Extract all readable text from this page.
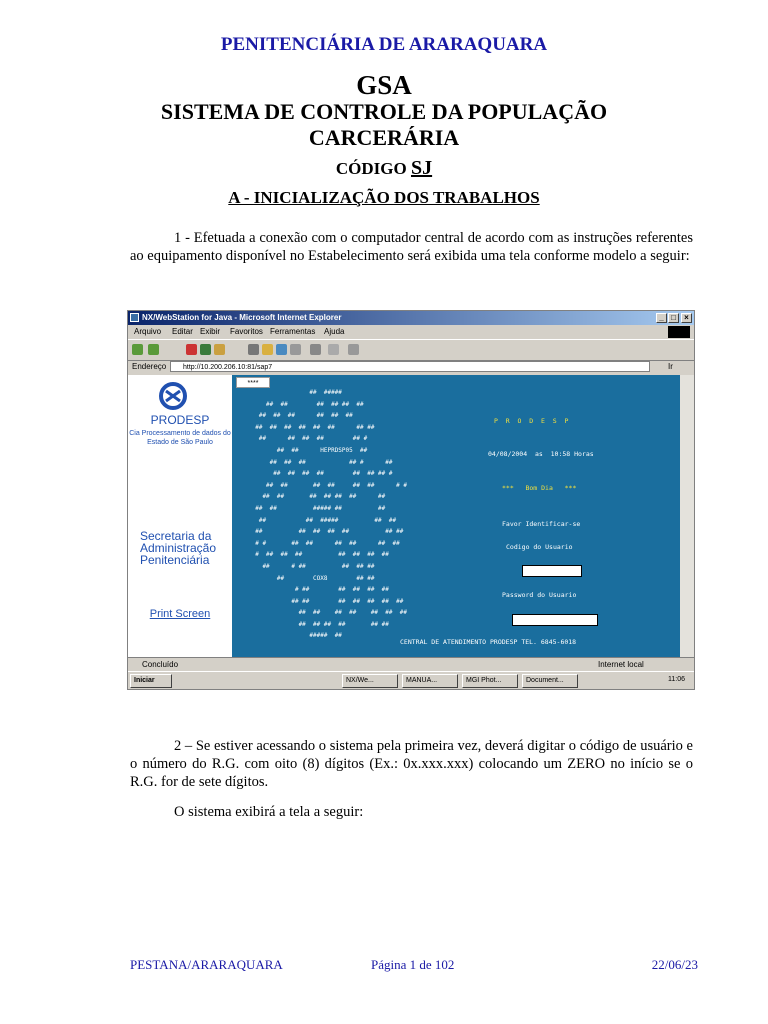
PENITENCIÁRIA DE ARARAQUARA
GSA
SISTEMA DE CONTROLE DA POPULAÇÃO
CARCERÁRIA
CÓDIGO SJ
A - INICIALIZAÇÃO DOS TRABALHOS
1 - Efetuada a conexão com o computador central de acordo com as instruções referentes ao equipamento disponível no Estabelecimento será exibida uma tela conforme modelo a seguir:
NX/WebStation for Java - Microsoft Internet Explorer	_ □	×
Arquivo Editar Exibir Favoritos Ferramentas Ajuda
Endereço	http://10.200.206.10:81/sap7	Ir
PRODESP
Cia Processamento de dados do Estado de São Paulo
Secretaria da Administração Penitenciária
Print Screen
****
##  #####
##  ##        ##  ## ##  ##
##  ##  ##      ##  ##  ##
##  ##  ##  ##  ##  ##      ## ##
##      ##  ##  ##        ## #
##  ##      HEPRDSP05  ##
##  ##  ##            ## #      ##
##  ##  ##  ##        ##  ## ## #
##  ##       ##  ##     ##  ##      # #
##  ##       ##  ## ##  ##      ##
##  ##          ##### ##          ##
##           ##  #####          ##  ##
##          ##  ##  ##  ##          ## ##
# #       ##  ##      ##  ##      ##  ##
#  ##  ##  ##          ##  ##  ##  ##
##      # ##          ##  ## ##
##        COX8        ## ##
# ##        ##  ##  ##  ##
## ##        ##  ##  ##  ##  ##
##  ##    ##  ##    ##  ##  ##
##  ## ##  ##       ## ##
#####  ##
P  R  O  D  E  S  P
04/08/2004 as 10:58 Horas
***   Bom Dia   ***
Favor Identificar-se
Codigo do Usuario
Password do Usuario
CENTRAL DE ATENDIMENTO PRODESP TEL. 6845-6018
Concluído	Internet local
Iniciar	NX/We...	MANUA...	MGI Phot...	Document...	11:06
2 – Se estiver acessando o sistema pela primeira vez, deverá digitar o código de usuário e o número do R.G. com oito (8) dígitos (Ex.: 0x.xxx.xxx) colocando um ZERO no início se o R.G. for de sete dígitos.
O sistema exibirá a tela a seguir:
PESTANA/ARARAQUARA	Página 1 de 102	22/06/23
